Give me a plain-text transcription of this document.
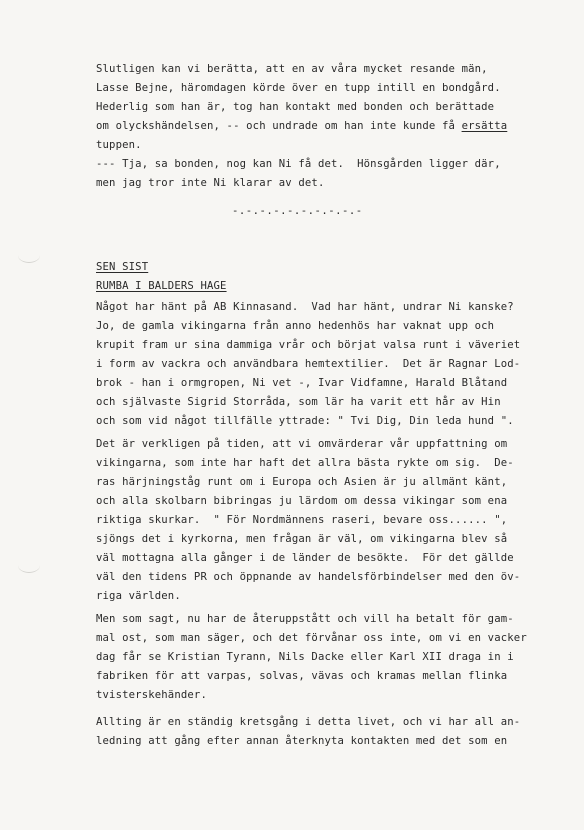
Slutligen kan vi berätta, att en av våra mycket resande män,
Lasse Bejne, häromdagen körde över en tupp intill en bondgård.
Hederlig som han är, tog han kontakt med bonden och berättade
om olyckshändelsen, -- och undrade om han inte kunde få ersätta
tuppen.
--- Tja, sa bonden, nog kan Ni få det.  Hönsgården ligger där,
men jag tror inte Ni klarar av det.
-.-.-.-.-.-.-.-.-.-
SEN SIST
RUMBA I BALDERS HAGE
Något har hänt på AB Kinnasand.  Vad har hänt, undrar Ni kanske?
Jo, de gamla vikingarna från anno hedenhös har vaknat upp och
krupit fram ur sina dammiga vrår och börjat valsa runt i väveriet
i form av vackra och användbara hemtextilier.  Det är Ragnar Lod-
brok - han i ormgropen, Ni vet -, Ivar Vidfamne, Harald Blåtand
och självaste Sigrid Storråda, som lär ha varit ett hår av Hin
och som vid något tillfälle yttrade: " Tvi Dig, Din leda hund ".
Det är verkligen på tiden, att vi omvärderar vår uppfattning om
vikingarna, som inte har haft det allra bästa rykte om sig.  De-
ras härjningståg runt om i Europa och Asien är ju allmänt känt,
och alla skolbarn bibringas ju lärdom om dessa vikingar som ena
riktiga skurkar.  " För Nordmännens raseri, bevare oss...... ",
sjöngs det i kyrkorna, men frågan är väl, om vikingarna blev så
väl mottagna alla gånger i de länder de besökte.  För det gällde
väl den tidens PR och öppnande av handelsförbindelser med den öv-
riga världen.
Men som sagt, nu har de återuppstått och vill ha betalt för gam-
mal ost, som man säger, och det förvånar oss inte, om vi en vacker
dag får se Kristian Tyrann, Nils Dacke eller Karl XII draga in i
fabriken för att varpas, solvas, vävas och kramas mellan flinka
tvisterskehänder.
Allting är en ständig kretsgång i detta livet, och vi har all an-
ledning att gång efter annan återknyta kontakten med det som en
